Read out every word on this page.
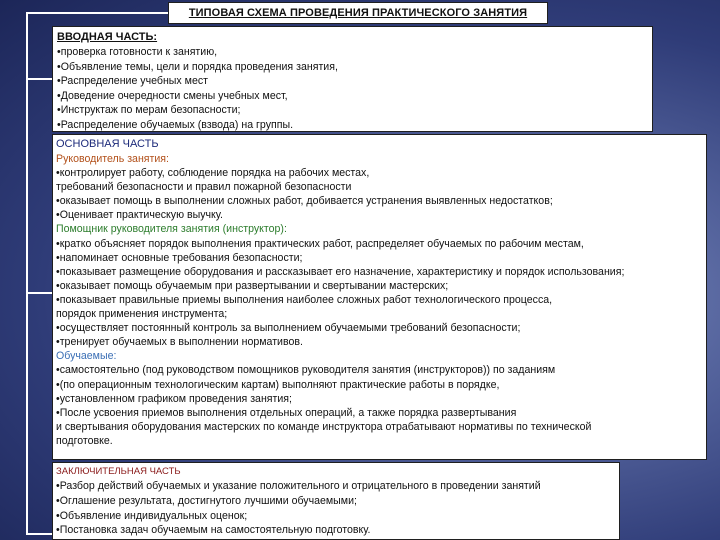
ТИПОВАЯ СХЕМА ПРОВЕДЕНИЯ ПРАКТИЧЕСКОГО ЗАНЯТИЯ
ВВОДНАЯ ЧАСТЬ:
•проверка готовности к занятию,
•Объявление темы, цели и порядка проведения занятия,
•Распределение учебных мест
•Доведение очередности смены учебных мест,
•Инструктаж по мерам безопасности;
•Распределение обучаемых (взвода) на группы.
ОСНОВНАЯ ЧАСТЬ
Руководитель занятия:
•контролирует работу, соблюдение порядка на рабочих местах,
требований безопасности и правил пожарной безопасности
•оказывает помощь в выполнении сложных работ, добивается устранения выявленных недостатков;
•Оценивает практическую выучку.
Помощник руководителя занятия (инструктор):
•кратко объясняет порядок выполнения практических работ, распределяет обучаемых по рабочим местам,
•напоминает основные требования безопасности;
•показывает размещение оборудования и рассказывает его назначение, характеристику и порядок использования;
•оказывает помощь обучаемым при развертывании и свертывании мастерских;
•показывает правильные приемы выполнения наиболее сложных работ технологического процесса,
порядок применения инструмента;
•осуществляет постоянный контроль за выполнением обучаемыми требований безопасности;
•тренирует обучаемых в выполнении нормативов.
Обучаемые:
•самостоятельно (под руководством помощников руководителя занятия (инструкторов)) по заданиям
•(по операционным технологическим картам) выполняют практические работы в порядке,
•установленном графиком проведения занятия;
•После усвоения приемов выполнения отдельных операций, а также порядка развертывания
и свертывания оборудования мастерских по команде инструктора отрабатывают нормативы по технической
подготовке.
ЗАКЛЮЧИТЕЛЬНАЯ ЧАСТЬ
•Разбор действий обучаемых и указание положительного и отрицательного в проведении занятий
•Оглашение результата, достигнутого лучшими обучаемыми;
•Объявление индивидуальных оценок;
•Постановка задач обучаемым на самостоятельную подготовку.
